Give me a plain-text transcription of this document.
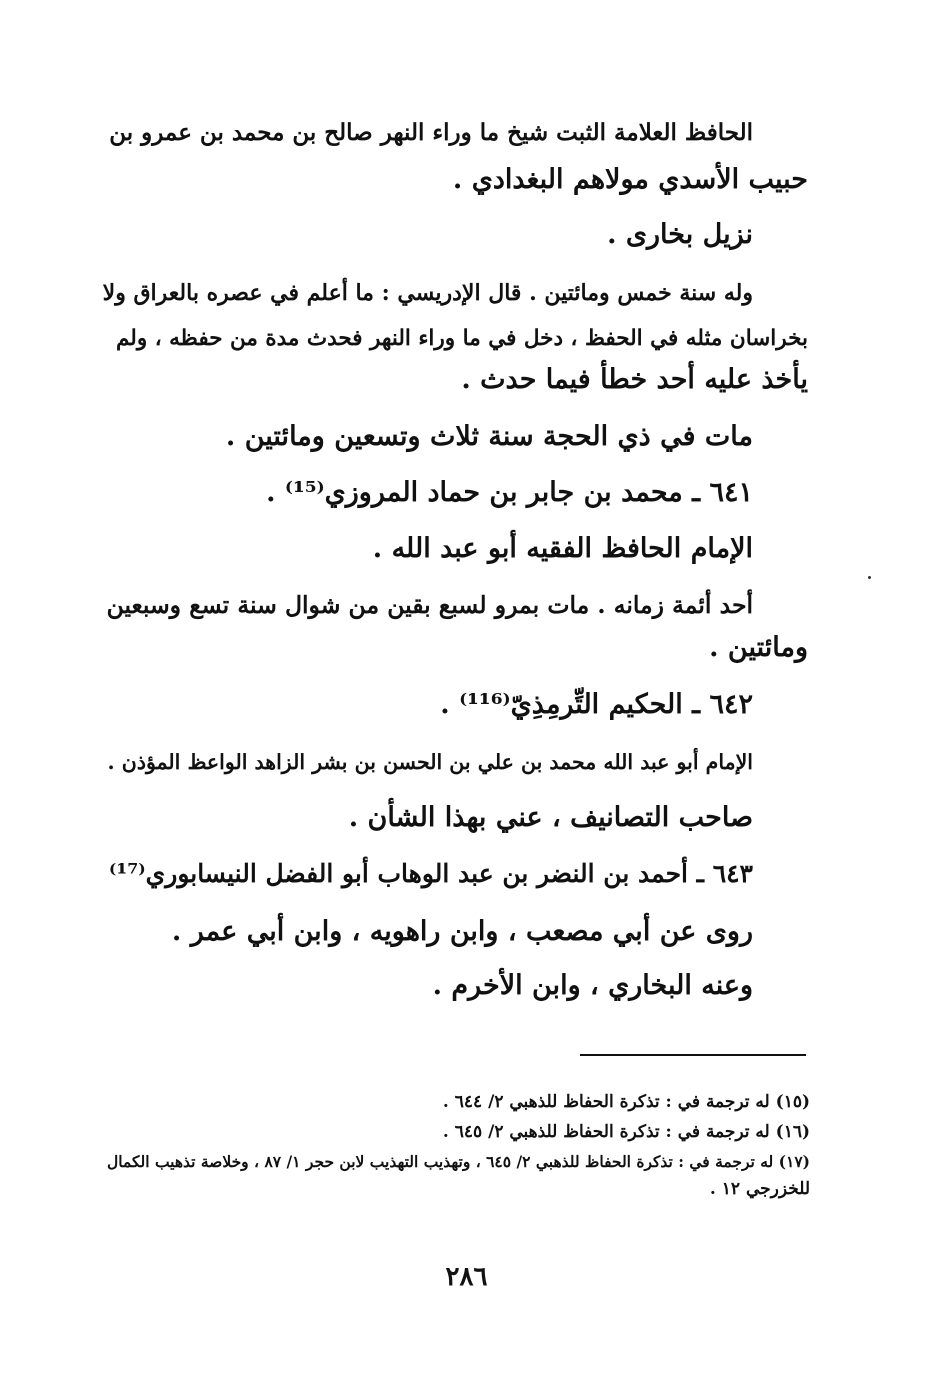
الحافظ العلامة الثبت شيخ ما وراء النهر صالح بن محمد بن عمرو بن
حبيب الأسدي مولاهم البغدادي .
نزيل بخارى .
وله سنة خمس ومائتين . قال الإدريسي : ما أعلم في عصره بالعراق ولا
بخراسان مثله في الحفظ ، دخل في ما وراء النهر فحدث مدة من حفظه ، ولم
يأخذ عليه أحد خطأ فيما حدث .
مات في ذي الحجة سنة ثلاث وتسعين ومائتين .
٦٤١ ـ محمد بن جابر بن حماد المروزي⁽¹⁵⁾ .
الإمام الحافظ الفقيه أبو عبد الله .
أحد أئمة زمانه . مات بمرو لسبع بقين من شوال سنة تسع وسبعين
ومائتين .
٦٤٢ ـ الحكيم التِّرمِذِيّ⁽¹¹⁶⁾ .
الإمام أبو عبد الله محمد بن علي بن الحسن بن بشر الزاهد الواعظ المؤذن .
صاحب التصانيف ، عني بهذا الشأن .
٦٤٣ ـ أحمد بن النضر بن عبد الوهاب أبو الفضل النيسابوري⁽¹⁷⁾
روى عن أبي مصعب ، وابن راهويه ، وابن أبي عمر .
وعنه البخاري ، وابن الأخرم .
(١٥) له ترجمة في : تذكرة الحفاظ للذهبي ٢/ ٦٤٤ .
(١٦) له ترجمة في : تذكرة الحفاظ للذهبي ٢/ ٦٤٥ .
(١٧) له ترجمة في : تذكرة الحفاظ للذهبي ٢/ ٦٤٥ ، وتهذيب التهذيب لابن حجر ١/ ٨٧ ، وخلاصة تذهيب الكمال
للخزرجي ١٢ .
٢٨٦
